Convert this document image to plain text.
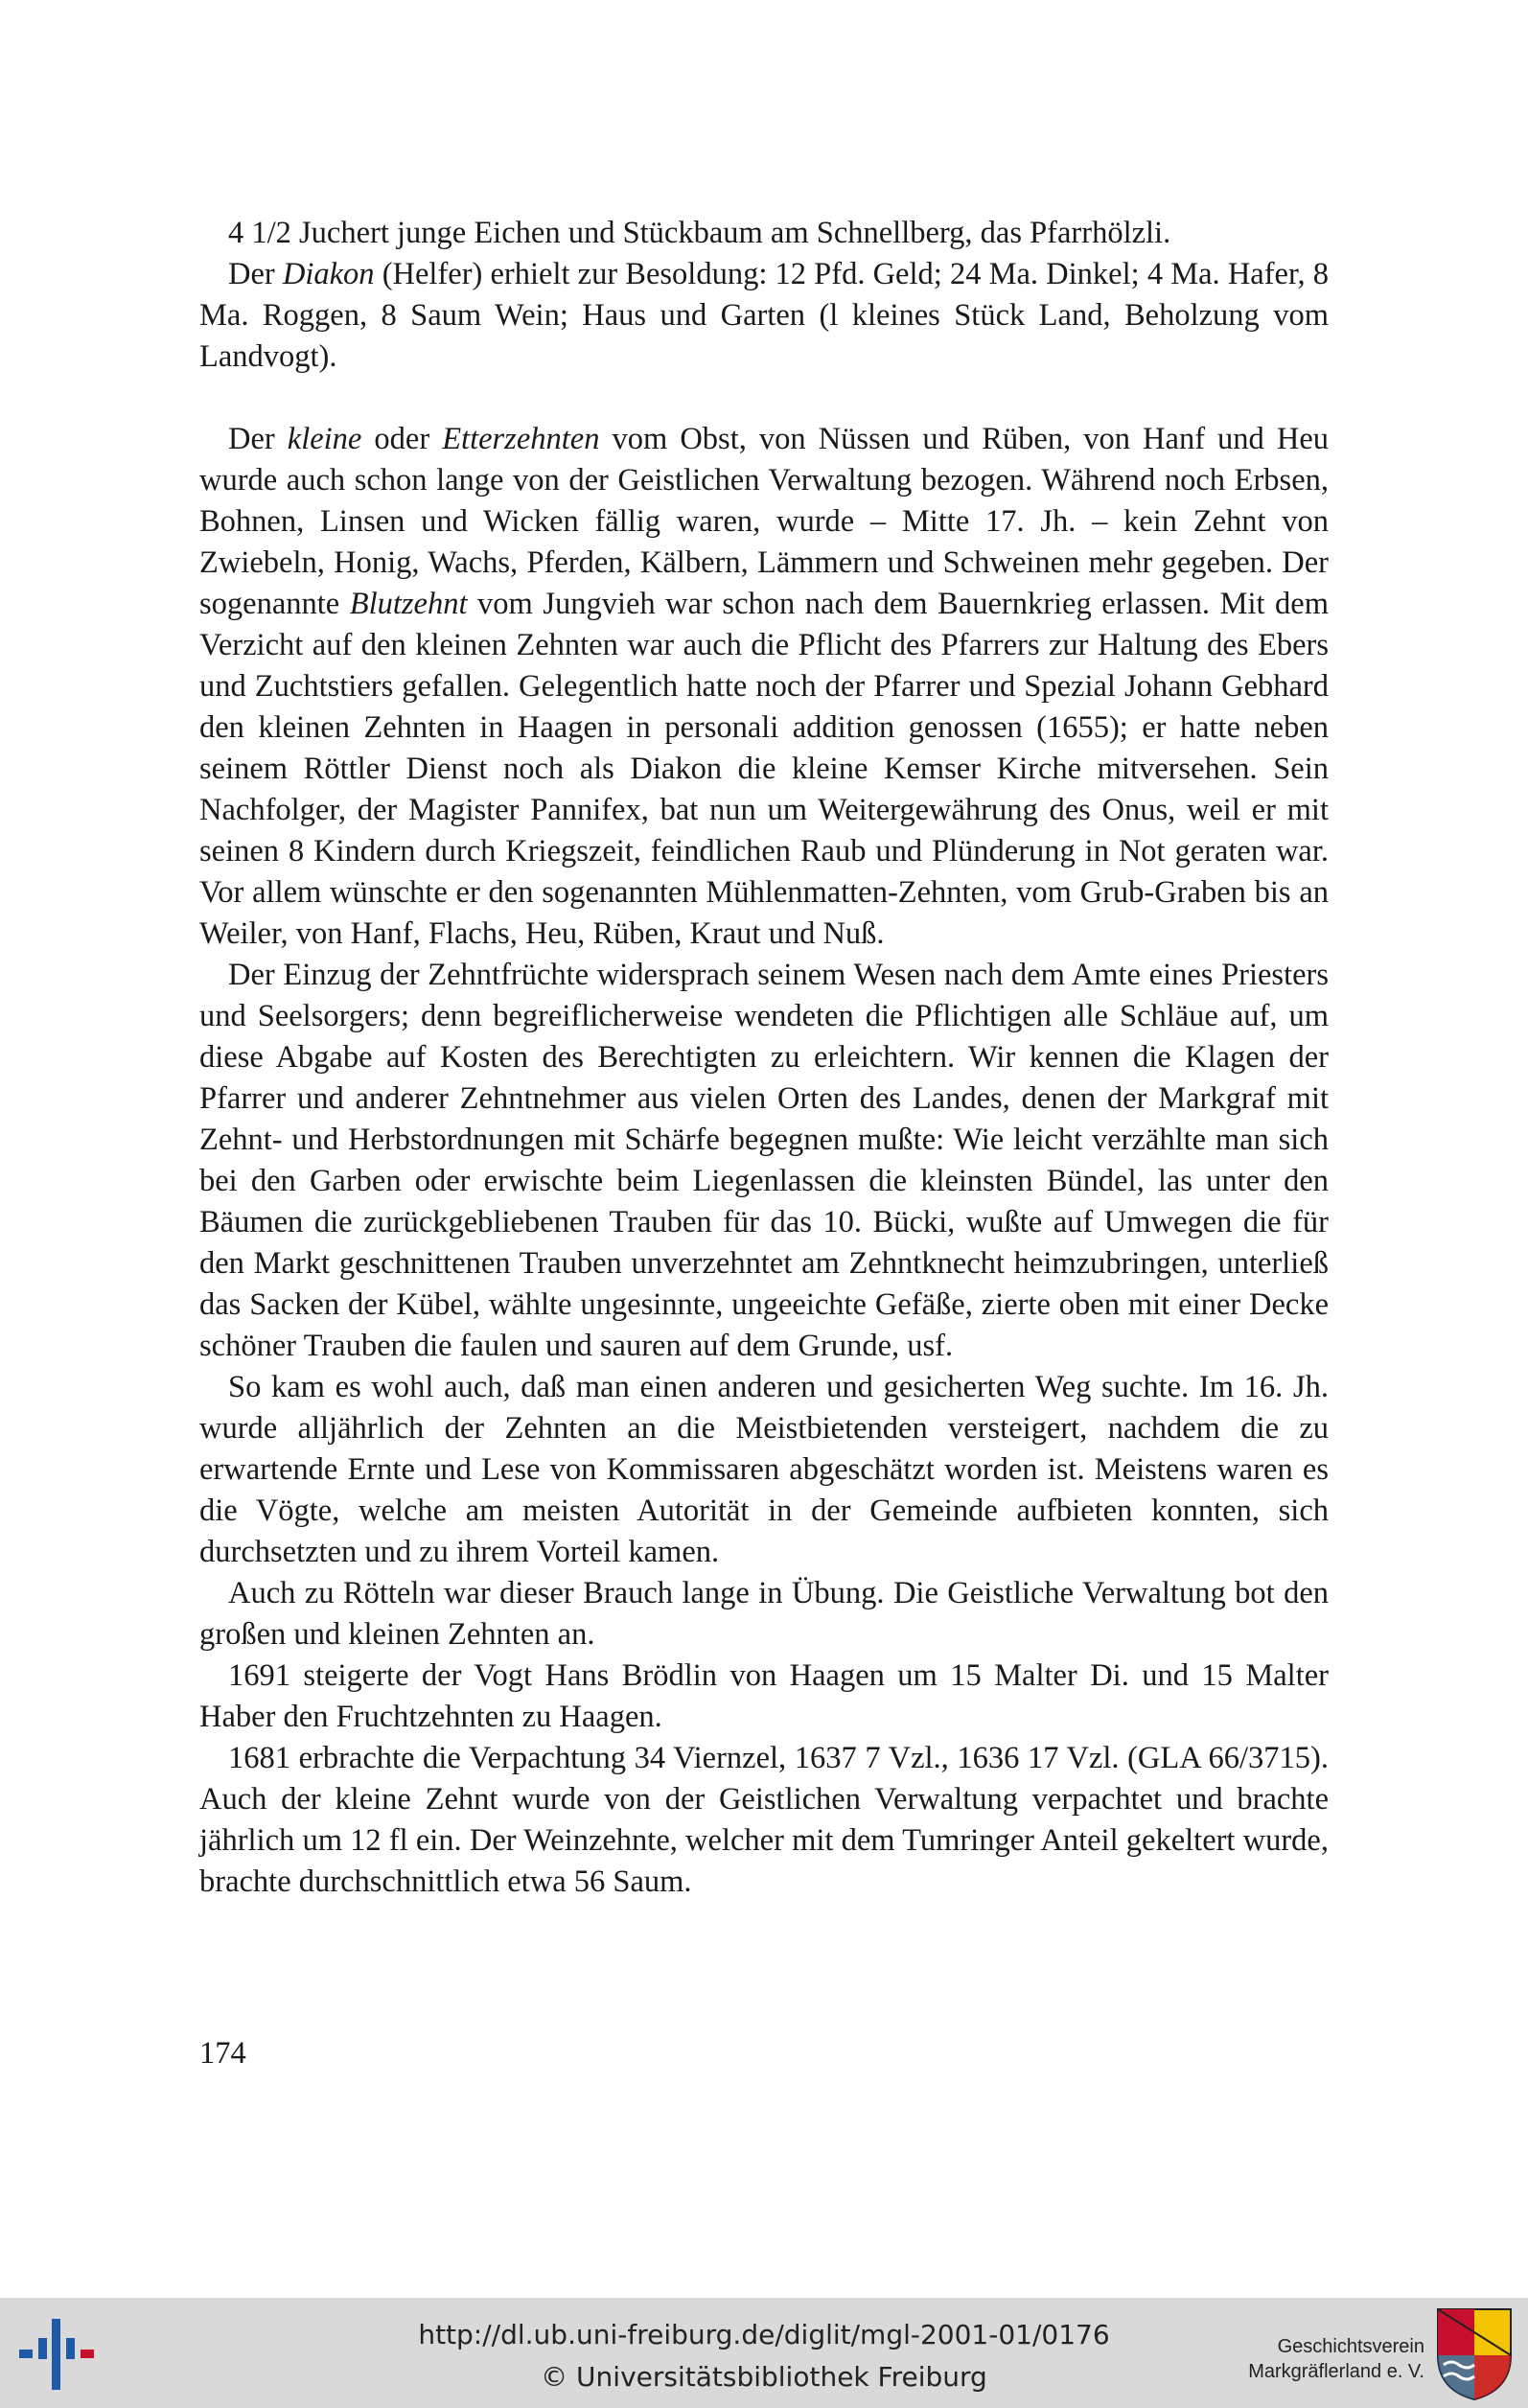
4 1/2 Juchert junge Eichen und Stückbaum am Schnellberg, das Pfarrhölzli.

Der Diakon (Helfer) erhielt zur Besoldung: 12 Pfd. Geld; 24 Ma. Dinkel; 4 Ma. Hafer, 8 Ma. Roggen, 8 Saum Wein; Haus und Garten (l kleines Stück Land, Beholzung vom Landvogt).

Der kleine oder Etterzehnten vom Obst, von Nüssen und Rüben, von Hanf und Heu wurde auch schon lange von der Geistlichen Verwaltung bezogen. Während noch Erbsen, Bohnen, Linsen und Wicken fällig waren, wurde – Mitte 17. Jh. – kein Zehnt von Zwiebeln, Honig, Wachs, Pferden, Kälbern, Lämmern und Schweinen mehr gegeben. Der sogenannte Blutzehnt vom Jungvieh war schon nach dem Bauernkrieg erlassen. Mit dem Verzicht auf den kleinen Zehnten war auch die Pflicht des Pfarrers zur Haltung des Ebers und Zuchtstiers gefallen. Gelegentlich hatte noch der Pfarrer und Spezial Johann Gebhard den kleinen Zehnten in Haagen in personali addition genossen (1655); er hatte neben seinem Röttler Dienst noch als Diakon die kleine Kemser Kirche mitversehen. Sein Nachfolger, der Magister Pannifex, bat nun um Weitergewährung des Onus, weil er mit seinen 8 Kindern durch Kriegszeit, feindlichen Raub und Plünderung in Not geraten war. Vor allem wünschte er den sogenannten Mühlenmatten-Zehnten, vom Grub-Graben bis an Weiler, von Hanf, Flachs, Heu, Rüben, Kraut und Nuß.

Der Einzug der Zehntfrüchte widersprach seinem Wesen nach dem Amte eines Priesters und Seelsorgers; denn begreiflicherweise wendeten die Pflichtigen alle Schläue auf, um diese Abgabe auf Kosten des Berechtigten zu erleichtern. Wir kennen die Klagen der Pfarrer und anderer Zehntnehmer aus vielen Orten des Landes, denen der Markgraf mit Zehnt- und Herbstordnungen mit Schärfe begegnen mußte: Wie leicht verzählte man sich bei den Garben oder erwischte beim Liegenlassen die kleinsten Bündel, las unter den Bäumen die zurückgebliebenen Trauben für das 10. Bücki, wußte auf Umwegen die für den Markt geschnittenen Trauben unverzehntet am Zehntknecht heimzubringen, unterließ das Sacken der Kübel, wählte ungesinnte, ungeeichte Gefäße, zierte oben mit einer Decke schöner Trauben die faulen und sauren auf dem Grunde, usf.

So kam es wohl auch, daß man einen anderen und gesicherten Weg suchte. Im 16. Jh. wurde alljährlich der Zehnten an die Meistbietenden versteigert, nachdem die zu erwartende Ernte und Lese von Kommissaren abgeschätzt worden ist. Meistens waren es die Vögte, welche am meisten Autorität in der Gemeinde aufbieten konnten, sich durchsetzten und zu ihrem Vorteil kamen.

Auch zu Rötteln war dieser Brauch lange in Übung. Die Geistliche Verwaltung bot den großen und kleinen Zehnten an.

1691 steigerte der Vogt Hans Brödlin von Haagen um 15 Malter Di. und 15 Malter Haber den Fruchtzehnten zu Haagen.

1681 erbrachte die Verpachtung 34 Viernzel, 1637 7 Vzl., 1636 17 Vzl. (GLA 66/3715). Auch der kleine Zehnt wurde von der Geistlichen Verwaltung verpachtet und brachte jährlich um 12 fl ein. Der Weinzehnte, welcher mit dem Tumringer Anteil gekeltert wurde, brachte durchschnittlich etwa 56 Saum.

174
http://dl.ub.uni-freiburg.de/diglit/mgl-2001-01/0176
© Universitätsbibliothek Freiburg
Geschichtsverein
Markgräflerland e. V.
